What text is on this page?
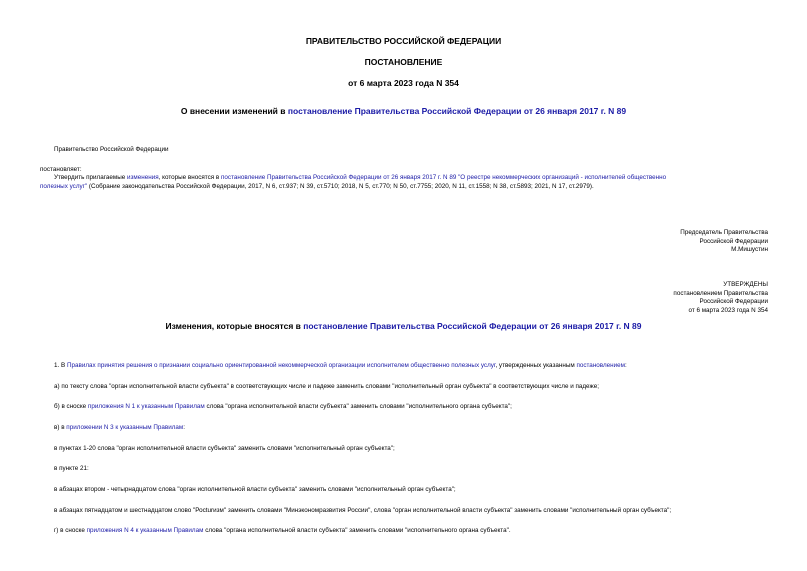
ПРАВИТЕЛЬСТВО РОССИЙСКОЙ ФЕДЕРАЦИИ
ПОСТАНОВЛЕНИЕ
от 6 марта 2023 года N 354
О внесении изменений в постановление Правительства Российской Федерации от 26 января 2017 г. N 89
Правительство Российской Федерации
постановляет:
Утвердить прилагаемые изменения, которые вносятся в постановление Правительства Российской Федерации от 26 января 2017 г. N 89 "О реестре некоммерческих организаций - исполнителей общественно
полезных услуг" (Собрание законодательства Российской Федерации, 2017, N 6, ст.937; N 39, ст.5710; 2018, N 5, ст.770; N 50, ст.7755; 2020, N 11, ст.1558; N 38, ст.5893; 2021, N 17, ст.2979).
Председатель Правительства
Российской Федерации
М.Мишустин
УТВЕРЖДЕНЫ
постановлением Правительства
Российской Федерации
от 6 марта 2023 года N 354
Изменения, которые вносятся в постановление Правительства Российской Федерации от 26 января 2017 г. N 89
1. В Правилах принятия решения о признании социально ориентированной некоммерческой организации исполнителем общественно полезных услуг, утвержденных указанным постановлением:
а) по тексту слова "орган исполнительной власти субъекта" в соответствующих числе и падеже заменить словами "исполнительный орган субъекта" в соответствующих числе и падеже;
б) в сноске приложения N 1 к указанным Правилам слова "органа исполнительной власти субъекта" заменить словами "исполнительного органа субъекта";
в) в приложении N 3 к указанным Правилам:
в пунктах 1-20 слова "орган исполнительной власти субъекта" заменить словами "исполнительный орган субъекта";
в пункте 21:
в абзацах втором - четырнадцатом слова "орган исполнительной власти субъекта" заменить словами "исполнительный орган субъекта";
в абзацах пятнадцатом и шестнадцатом слово "Росturизм" заменить словами "Минэкономразвития России", слова "орган исполнительной власти субъекта" заменить словами "исполнительный орган субъекта";
г) в сноске приложения N 4 к указанным Правилам слова "органа исполнительной власти субъекта" заменить словами "исполнительного органа субъекта".
